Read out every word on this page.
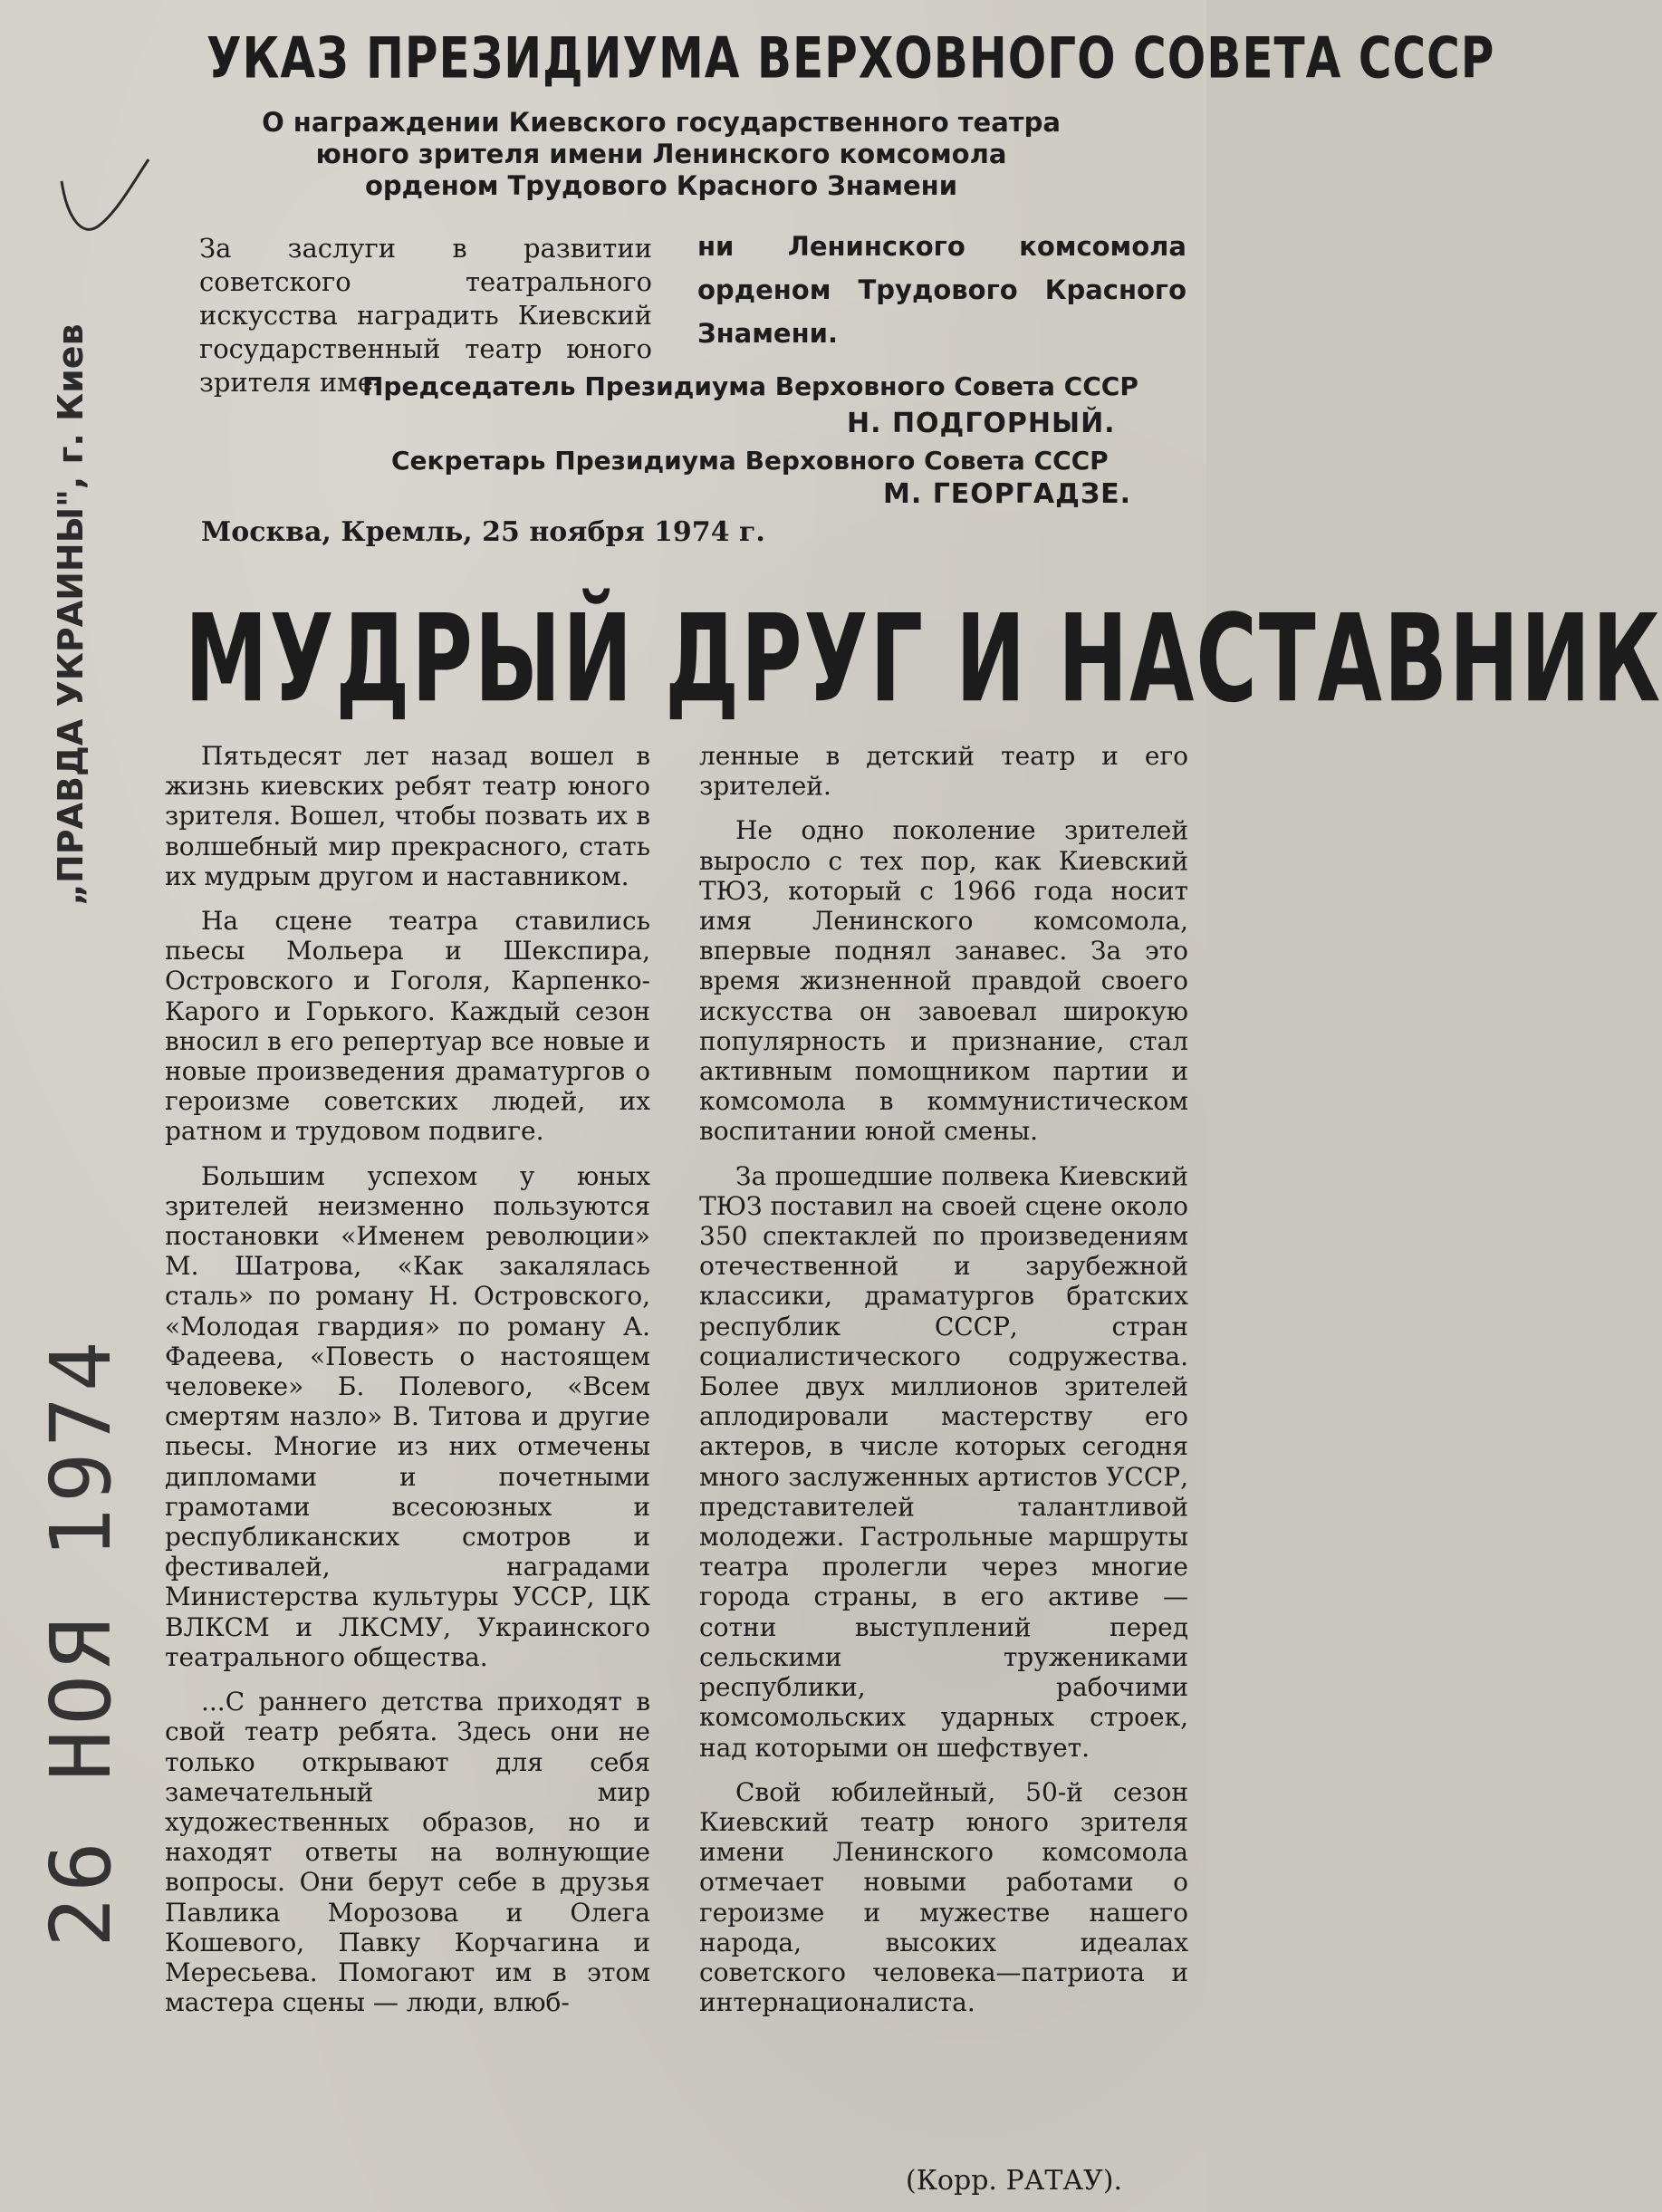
УКАЗ ПРЕЗИДИУМА ВЕРХОВНОГО СОВЕТА СССР
О награждении Киевского государственного театра
юного зрителя имени Ленинского комсомола
орденом Трудового Красного Знамени
За заслуги в развитии советского театрального искусства наградить Киевский государственный театр юного зрителя име-
ни Ленинского комсомола орденом Трудового Красного Знамени.
Председатель Президиума Верховного Совета СССР
Н. ПОДГОРНЫЙ.
Секретарь Президиума Верховного Совета СССР
М. ГЕОРГАДЗЕ.
Москва, Кремль, 25 ноября 1974 г.
МУДРЫЙ ДРУГ И НАСТАВНИК

Пятьдесят лет назад вошел в жизнь киевских ребят театр юного зрителя. Вошел, чтобы позвать их в волшебный мир прекрасного, стать их мудрым другом и наставником.

На сцене театра ставились пьесы Мольера и Шекспира, Островского и Гоголя, Карпенко-Карого и Горького. Каждый сезон вносил в его репертуар все новые и новые произведения драматургов о героизме советских людей, их ратном и трудовом подвиге.

Большим успехом у юных зрителей неизменно пользуются постановки «Именем революции» М. Шатрова, «Как закалялась сталь» по роману Н. Островского, «Молодая гвардия» по роману А. Фадеева, «Повесть о настоящем человеке» Б. Полевого, «Всем смертям назло» В. Титова и другие пьесы. Многие из них отмечены дипломами и почетными грамотами всесоюзных и республиканских смотров и фестивалей, наградами Министерства культуры УССР, ЦК ВЛКСМ и ЛКСМУ, Украинского театрального общества.

...С раннего детства приходят в свой театр ребята. Здесь они не только открывают для себя замечательный мир художественных образов, но и находят ответы на волнующие вопросы. Они берут себе в друзья Павлика Морозова и Олега Кошевого, Павку Корчагина и Мересьева. Помогают им в этом мастера сцены — люди, влюб-

ленные в детский театр и его зрителей.

Не одно поколение зрителей выросло с тех пор, как Киевский ТЮЗ, который с 1966 года носит имя Ленинского комсомола, впервые поднял занавес. За это время жизненной правдой своего искусства он завоевал широкую популярность и признание, стал активным помощником партии и комсомола в коммунистическом воспитании юной смены.

За прошедшие полвека Киевский ТЮЗ поставил на своей сцене около 350 спектаклей по произведениям отечественной и зарубежной классики, драматургов братских республик СССР, стран социалистического содружества. Более двух миллионов зрителей аплодировали мастерству его актеров, в числе которых сегодня много заслуженных артистов УССР, представителей талантливой молодежи. Гастрольные маршруты театра пролегли через многие города страны, в его активе — сотни выступлений перед сельскими тружениками республики, рабочими комсомольских ударных строек, над которыми он шефствует.

Свой юбилейный, 50-й сезон Киевский театр юного зрителя имени Ленинского комсомола отмечает новыми работами о героизме и мужестве нашего народа, высоких идеалах советского человека—патриота и интернационалиста.

(Корр. РАТАУ).
„ПРАВДА УКРАИНЫ", г. Киев
26 НОЯ 1974
